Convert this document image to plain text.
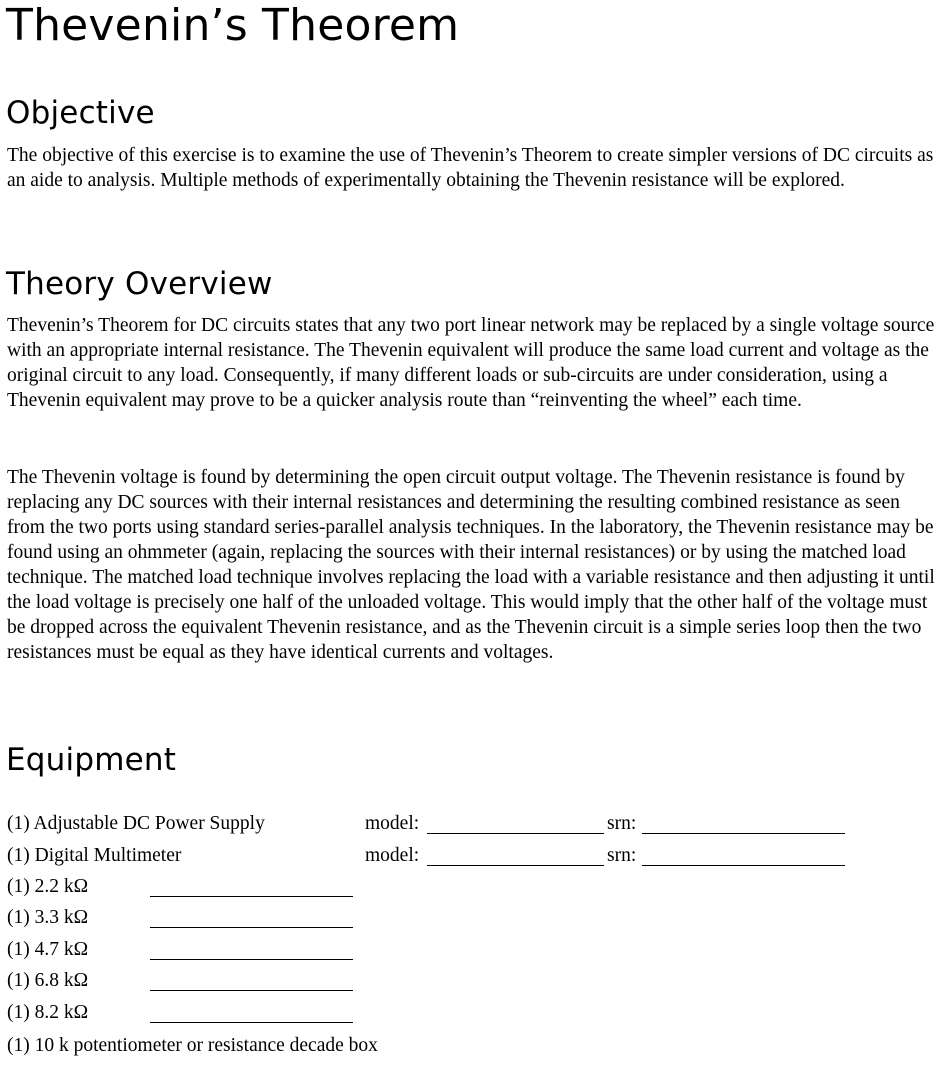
Thevenin’s Theorem
Objective

The objective of this exercise is to examine the use of Thevenin’s Theorem to create simpler versions of DC circuits as an aide to analysis. Multiple methods of experimentally obtaining the Thevenin resistance will be explored.

Theory Overview

Thevenin’s Theorem for DC circuits states that any two port linear network may be replaced by a single voltage source with an appropriate internal resistance. The Thevenin equivalent will produce the same load current and voltage as the original circuit to any load. Consequently, if many different loads or sub-circuits are under consideration, using a Thevenin equivalent may prove to be a quicker analysis route than “reinventing the wheel” each time.

The Thevenin voltage is found by determining the open circuit output voltage. The Thevenin resistance is found by replacing any DC sources with their internal resistances and determining the resulting combined resistance as seen from the two ports using standard series-parallel analysis techniques. In the laboratory, the Thevenin resistance may be found using an ohmmeter (again, replacing the sources with their internal resistances) or by using the matched load technique. The matched load technique involves replacing the load with a variable resistance and then adjusting it until the load voltage is precisely one half of the unloaded voltage. This would imply that the other half of the voltage must be dropped across the equivalent Thevenin resistance, and as the Thevenin circuit is a simple series loop then the two resistances must be equal as they have identical currents and voltages.

Equipment
(1) Adjustable DC Power Supply	model:	srn:
(1) Digital Multimeter	model:	srn:
(1) 2.2 kΩ
(1) 3.3 kΩ
(1) 4.7 kΩ
(1) 6.8 kΩ
(1) 8.2 kΩ
(1) 10 k potentiometer or resistance decade box
